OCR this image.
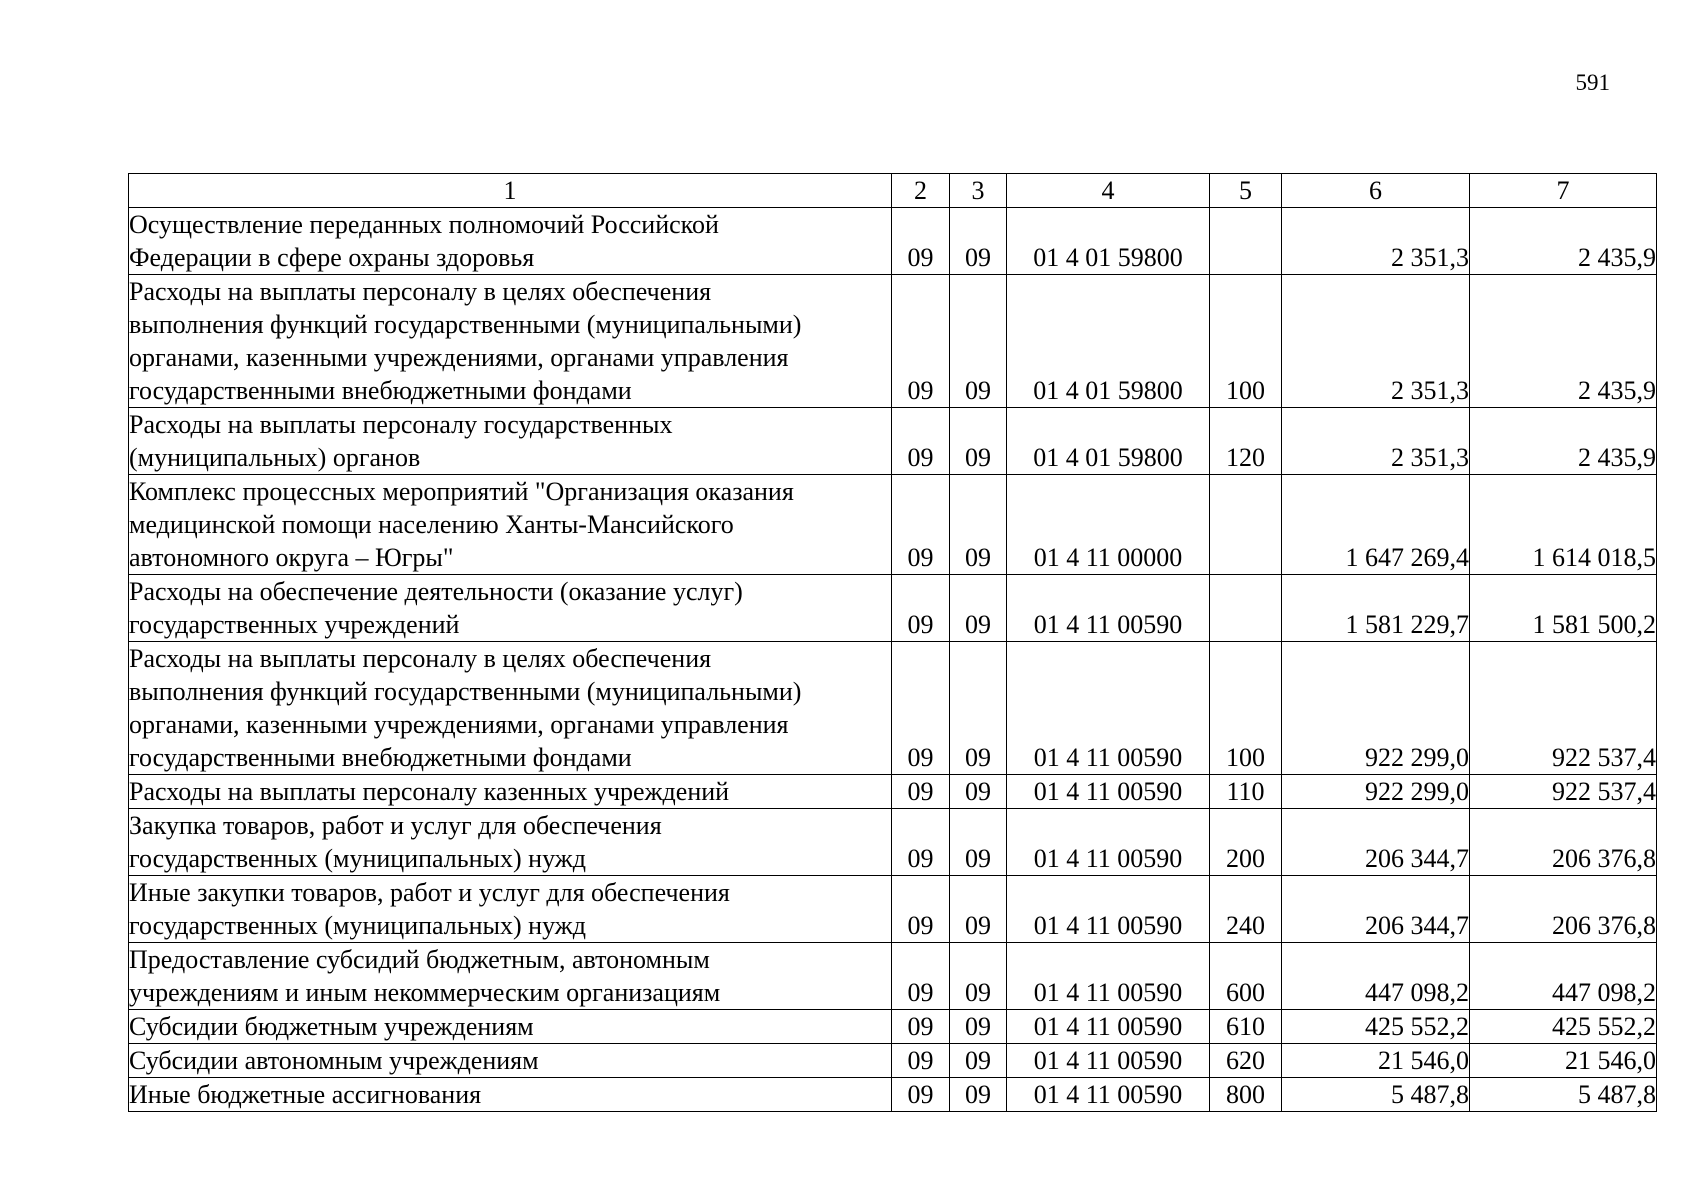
591
1	2	3	4	5	6	7

Осуществление переданных полномочий Российской
Федерации в сфере охраны здоровья	09	09	01 4 01 59800		2 351,3	2 435,9

Расходы на выплаты персоналу в целях обеспечения
выполнения функций государственными (муниципальными)
органами, казенными учреждениями, органами управления
государственными внебюджетными фондами	09	09	01 4 01 59800	100	2 351,3	2 435,9

Расходы на выплаты персоналу государственных
(муниципальных) органов	09	09	01 4 01 59800	120	2 351,3	2 435,9

Комплекс процессных мероприятий "Организация оказания
медицинской помощи населению Ханты-Мансийского
автономного округа – Югры"	09	09	01 4 11 00000		1 647 269,4	1 614 018,5

Расходы на обеспечение деятельности (оказание услуг)
государственных учреждений	09	09	01 4 11 00590		1 581 229,7	1 581 500,2

Расходы на выплаты персоналу в целях обеспечения
выполнения функций государственными (муниципальными)
органами, казенными учреждениями, органами управления
государственными внебюджетными фондами	09	09	01 4 11 00590	100	922 299,0	922 537,4

Расходы на выплаты персоналу казенных учреждений	09	09	01 4 11 00590	110	922 299,0	922 537,4

Закупка товаров, работ и услуг для обеспечения
государственных (муниципальных) нужд	09	09	01 4 11 00590	200	206 344,7	206 376,8

Иные закупки товаров, работ и услуг для обеспечения
государственных (муниципальных) нужд	09	09	01 4 11 00590	240	206 344,7	206 376,8

Предоставление субсидий бюджетным, автономным
учреждениям и иным некоммерческим организациям	09	09	01 4 11 00590	600	447 098,2	447 098,2

Субсидии бюджетным учреждениям	09	09	01 4 11 00590	610	425 552,2	425 552,2

Субсидии автономным учреждениям	09	09	01 4 11 00590	620	21 546,0	21 546,0

Иные бюджетные ассигнования	09	09	01 4 11 00590	800	5 487,8	5 487,8
